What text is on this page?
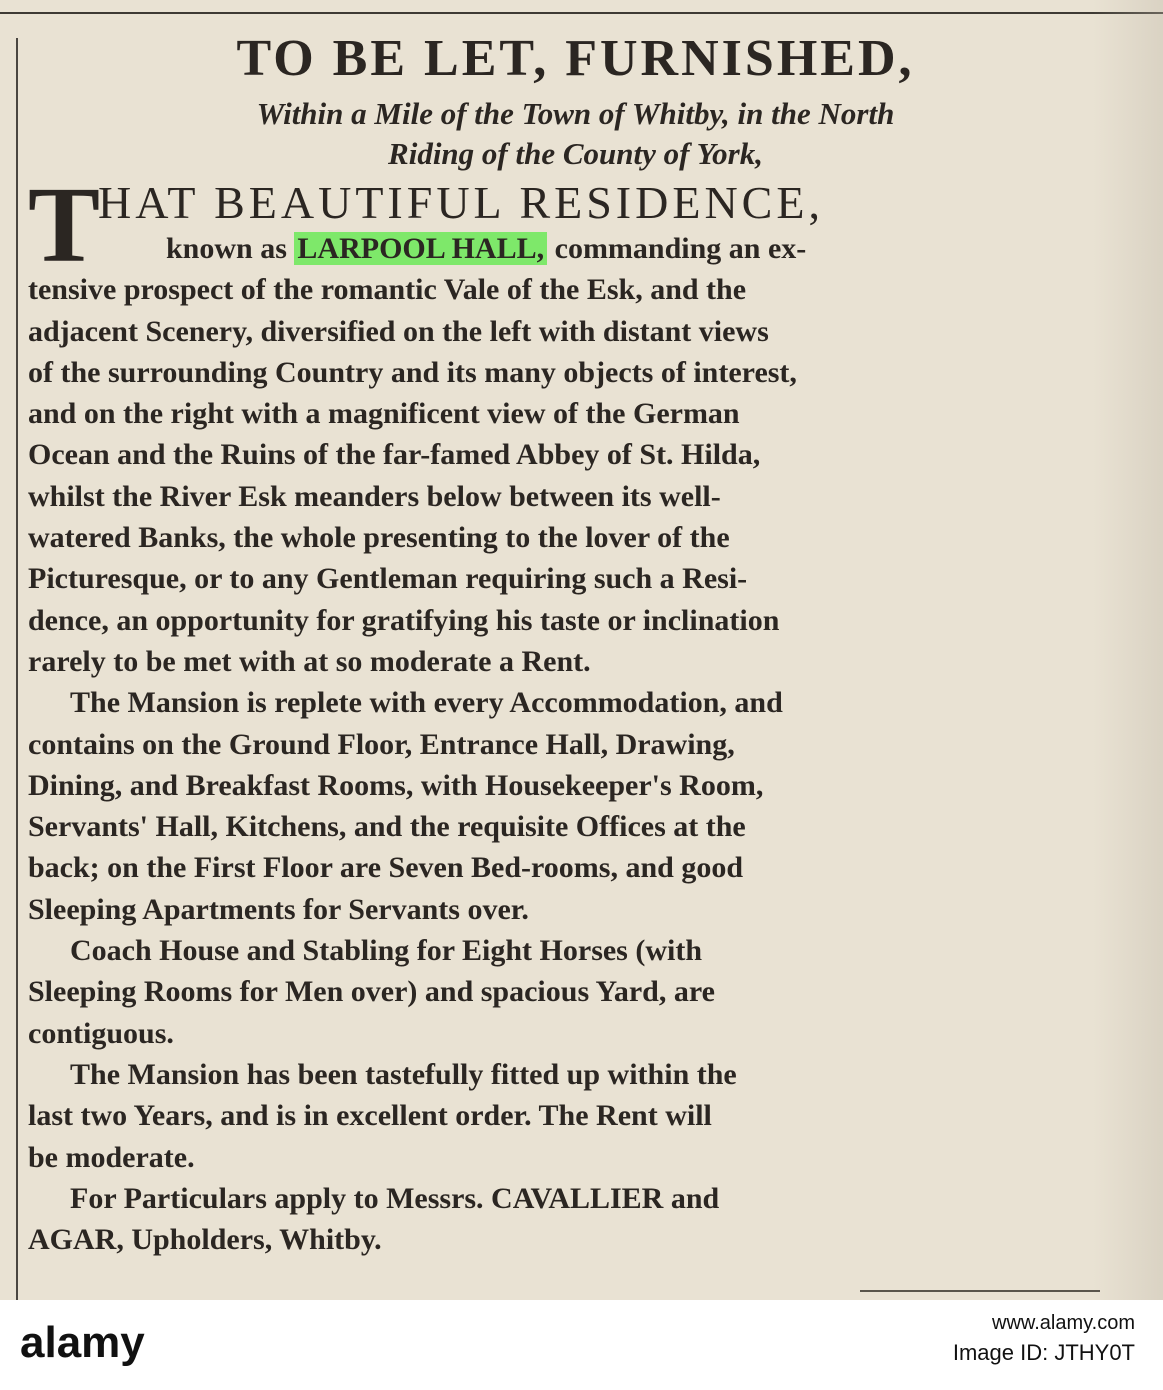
TO BE LET, FURNISHED,

Within a Mile of the Town of Whitby, in the North
Riding of the County of York,

T
HAT BEAUTIFUL RESIDENCE,
known as LARPOOL HALL, commanding an ex-
tensive prospect of the romantic Vale of the Esk, and the
adjacent Scenery, diversified on the left with distant views
of the surrounding Country and its many objects of interest,
and on the right with a magnificent view of the German
Ocean and the Ruins of the far-famed Abbey of St. Hilda,
whilst the River Esk meanders below between its well-
watered Banks, the whole presenting to the lover of the
Picturesque, or to any Gentleman requiring such a Resi-
dence, an opportunity for gratifying his taste or inclination
rarely to be met with at so moderate a Rent.
The Mansion is replete with every Accommodation, and
contains on the Ground Floor, Entrance Hall, Drawing,
Dining, and Breakfast Rooms, with Housekeeper's Room,
Servants' Hall, Kitchens, and the requisite Offices at the
back; on the First Floor are Seven Bed-rooms, and good
Sleeping Apartments for Servants over.
Coach House and Stabling for Eight Horses (with
Sleeping Rooms for Men over) and spacious Yard, are
contiguous.
The Mansion has been tastefully fitted up within the
last two Years, and is in excellent order. The Rent will
be moderate.
For Particulars apply to Messrs. CAVALLIER and
AGAR, Upholders, Whitby.
alamy	www.alamy.com
Image ID: JTHY0T
